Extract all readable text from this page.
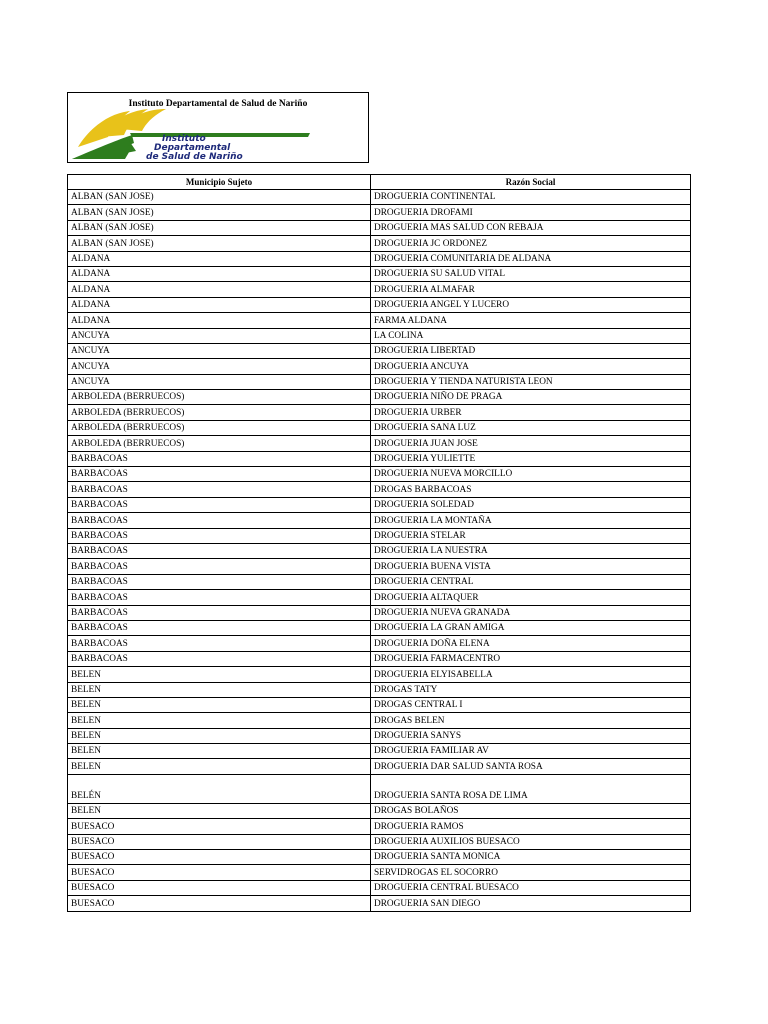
Instituto Departamental de Salud de Nariño
Instituto
Departamental
de Salud de Nariño
Municipio Sujeto	Razón Social
ALBAN (SAN JOSE)	DROGUERIA CONTINENTAL
ALBAN (SAN JOSE)	DROGUERIA DROFAMI
ALBAN (SAN JOSE)	DROGUERIA MAS SALUD CON REBAJA
ALBAN (SAN JOSE)	DROGUERIA JC ORDONEZ
ALDANA	DROGUERIA COMUNITARIA DE ALDANA
ALDANA	DROGUERIA SU SALUD VITAL
ALDANA	DROGUERIA ALMAFAR
ALDANA	DROGUERIA ANGEL Y LUCERO
ALDANA	FARMA ALDANA
ANCUYA	LA COLINA
ANCUYA	DROGUERIA LIBERTAD
ANCUYA	DROGUERIA ANCUYA
ANCUYA	DROGUERIA Y TIENDA NATURISTA LEON
ARBOLEDA (BERRUECOS)	DROGUERIA NIÑO DE PRAGA
ARBOLEDA (BERRUECOS)	DROGUERIA URBER
ARBOLEDA (BERRUECOS)	DROGUERIA SANA LUZ
ARBOLEDA (BERRUECOS)	DROGUERIA JUAN JOSE
BARBACOAS	DROGUERIA YULIETTE
BARBACOAS	DROGUERIA NUEVA MORCILLO
BARBACOAS	DROGAS BARBACOAS
BARBACOAS	DROGUERIA SOLEDAD
BARBACOAS	DROGUERIA LA MONTAÑA
BARBACOAS	DROGUERIA STELAR
BARBACOAS	DROGUERIA LA NUESTRA
BARBACOAS	DROGUERIA BUENA VISTA
BARBACOAS	DROGUERIA CENTRAL
BARBACOAS	DROGUERIA ALTAQUER
BARBACOAS	DROGUERIA NUEVA GRANADA
BARBACOAS	DROGUERIA LA GRAN AMIGA
BARBACOAS	DROGUERIA DOÑA ELENA
BARBACOAS	DROGUERIA FARMACENTRO
BELEN	DROGUERIA ELYISABELLA
BELEN	DROGAS TATY
BELEN	DROGAS CENTRAL I
BELEN	DROGAS BELEN
BELEN	DROGUERIA SANYS
BELEN	DROGUERIA FAMILIAR AV
BELEN	DROGUERIA DAR SALUD SANTA ROSA
BELÉN	DROGUERIA SANTA ROSA DE LIMA
BELEN	DROGAS BOLAÑOS
BUESACO	DROGUERIA RAMOS
BUESACO	DROGUERIA AUXILIOS BUESACO
BUESACO	DROGUERIA SANTA MONICA
BUESACO	SERVIDROGAS EL SOCORRO
BUESACO	DROGUERIA CENTRAL BUESACO
BUESACO	DROGUERIA SAN DIEGO
